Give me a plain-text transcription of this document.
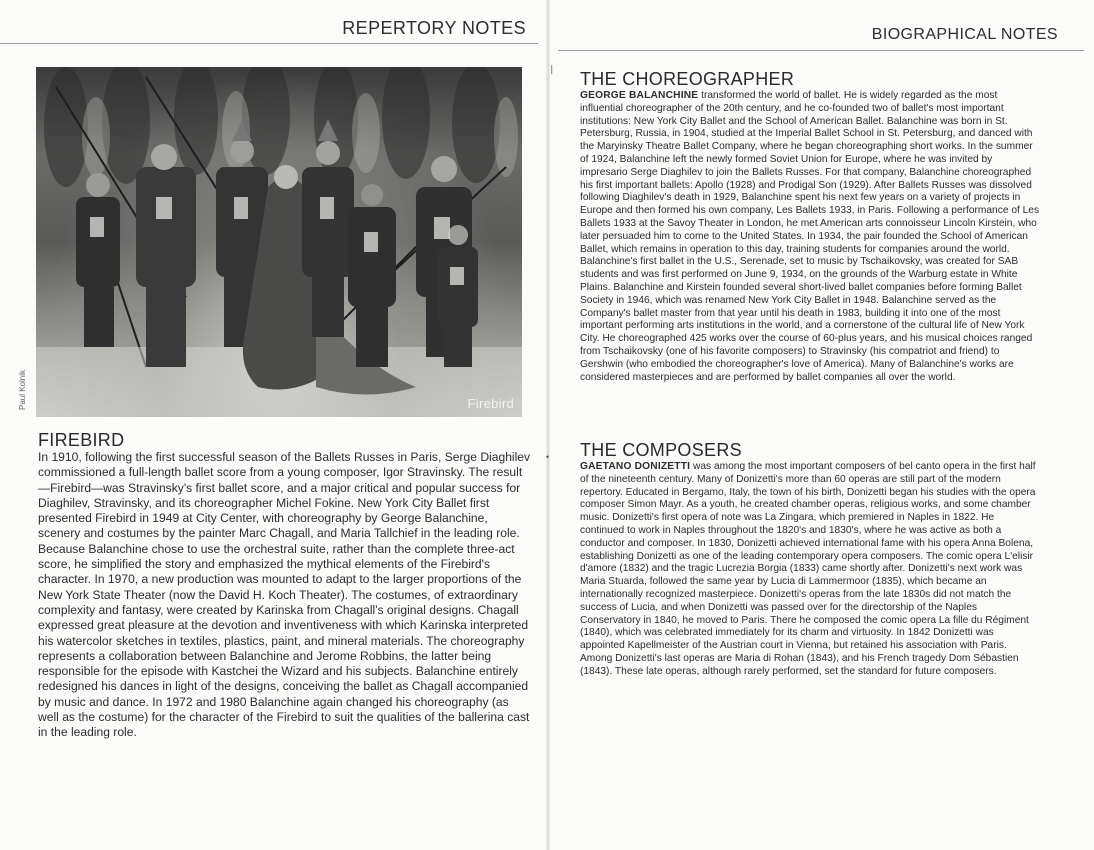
REPERTORY NOTES
Firebird
Paul Kolnik
FIREBIRD

In 1910, following the first successful season of the Ballets Russes in Paris, Serge Diaghilev commissioned a full-length ballet score from a young composer, Igor Stravinsky. The result—Firebird—was Stravinsky's first ballet score, and a major critical and popular success for Diaghilev, Stravinsky, and its choreographer Michel Fokine. New York City Ballet first presented Firebird in 1949 at City Center, with choreography by George Balanchine, scenery and costumes by the painter Marc Chagall, and Maria Tallchief in the leading role. Because Balanchine chose to use the orchestral suite, rather than the complete three-act score, he simplified the story and emphasized the mythical elements of the Firebird's character. In 1970, a new production was mounted to adapt to the larger proportions of the New York State Theater (now the David H. Koch Theater). The costumes, of extraordinary complexity and fantasy, were created by Karinska from Chagall's original designs. Chagall expressed great pleasure at the devotion and inventiveness with which Karinska interpreted his watercolor sketches in textiles, plastics, paint, and mineral materials. The choreography represents a collaboration between Balanchine and Jerome Robbins, the latter being responsible for the episode with Kastchei the Wizard and his subjects. Balanchine entirely redesigned his dances in light of the designs, conceiving the ballet as Chagall accompanied by music and dance. In 1972 and 1980 Balanchine again changed his choreography (as well as the costume) for the character of the Firebird to suit the qualities of the ballerina cast in the leading role.

BIOGRAPHICAL NOTES
❘
•
THE CHOREOGRAPHER

GEORGE BALANCHINE transformed the world of ballet. He is widely regarded as the most influential choreographer of the 20th century, and he co-founded two of ballet's most important institutions: New York City Ballet and the School of American Ballet. Balanchine was born in St. Petersburg, Russia, in 1904, studied at the Imperial Ballet School in St. Petersburg, and danced with the Maryinsky Theatre Ballet Company, where he began choreographing short works. In the summer of 1924, Balanchine left the newly formed Soviet Union for Europe, where he was invited by impresario Serge Diaghilev to join the Ballets Russes. For that company, Balanchine choreographed his first important ballets: Apollo (1928) and Prodigal Son (1929). After Ballets Russes was dissolved following Diaghilev's death in 1929, Balanchine spent his next few years on a variety of projects in Europe and then formed his own company, Les Ballets 1933, in Paris. Following a performance of Les Ballets 1933 at the Savoy Theater in London, he met American arts connoisseur Lincoln Kirstein, who later persuaded him to come to the United States. In 1934, the pair founded the School of American Ballet, which remains in operation to this day, training students for companies around the world. Balanchine's first ballet in the U.S., Serenade, set to music by Tschaikovsky, was created for SAB students and was first performed on June 9, 1934, on the grounds of the Warburg estate in White Plains. Balanchine and Kirstein founded several short-lived ballet companies before forming Ballet Society in 1946, which was renamed New York City Ballet in 1948. Balanchine served as the Company's ballet master from that year until his death in 1983, building it into one of the most important performing arts institutions in the world, and a cornerstone of the cultural life of New York City. He choreographed 425 works over the course of 60-plus years, and his musical choices ranged from Tschaikovsky (one of his favorite composers) to Stravinsky (his compatriot and friend) to Gershwin (who embodied the choreographer's love of America). Many of Balanchine's works are considered masterpieces and are performed by ballet companies all over the world.

THE COMPOSERS

GAETANO DONIZETTI was among the most important composers of bel canto opera in the first half of the nineteenth century. Many of Donizetti's more than 60 operas are still part of the modern repertory. Educated in Bergamo, Italy, the town of his birth, Donizetti began his studies with the opera composer Simon Mayr. As a youth, he created chamber operas, religious works, and some chamber music. Donizetti's first opera of note was La Zingara, which premiered in Naples in 1822. He continued to work in Naples throughout the 1820's and 1830's, where he was active as both a conductor and composer. In 1830, Donizetti achieved international fame with his opera Anna Bolena, establishing Donizetti as one of the leading contemporary opera composers. The comic opera L'elisir d'amore (1832) and the tragic Lucrezia Borgia (1833) came shortly after. Donizetti's next work was Maria Stuarda, followed the same year by Lucia di Lammermoor (1835), which became an internationally recognized masterpiece. Donizetti's operas from the late 1830s did not match the success of Lucia, and when Donizetti was passed over for the directorship of the Naples Conservatory in 1840, he moved to Paris. There he composed the comic opera La fille du Régiment (1840), which was celebrated immediately for its charm and virtuosity. In 1842 Donizetti was appointed Kapellmeister of the Austrian court in Vienna, but retained his association with Paris. Among Donizetti's last operas are Maria di Rohan (1843), and his French tragedy Dom Sébastien (1843). These late operas, although rarely performed, set the standard for future composers.
